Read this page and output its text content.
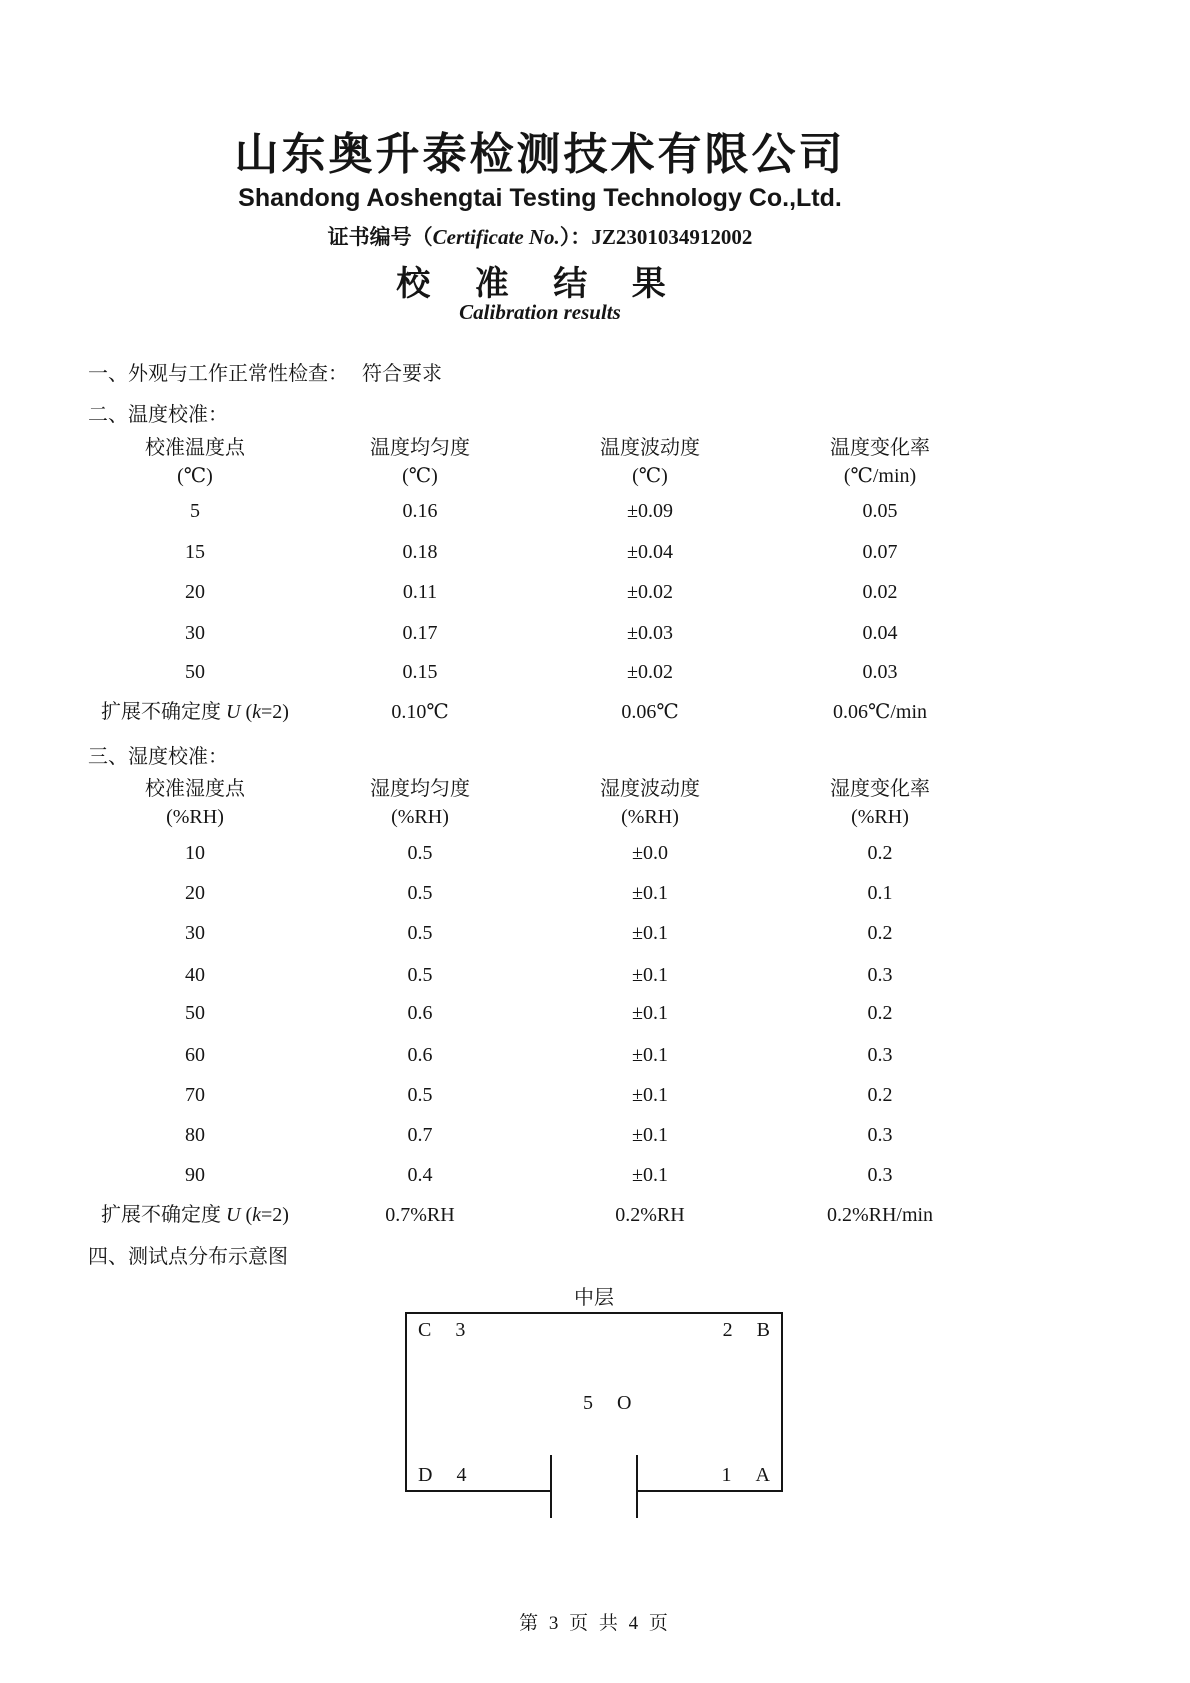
山东奥升泰检测技术有限公司
Shandong Aoshengtai Testing Technology Co.,Ltd.
证书编号（Certificate No.）：JZ2301034912002
校 准 结 果
Calibration results
一、外观与工作正常性检查： 符合要求
二、温度校准：
校准温度点	温度均匀度	温度波动度	温度变化率
(℃)	(℃)	(℃)	(℃/min)
5	0.16	±0.09	0.05
15	0.18	±0.04	0.07
20	0.11	±0.02	0.02
30	0.17	±0.03	0.04
50	0.15	±0.02	0.03
扩展不确定度 U (k=2)	0.10℃	0.06℃	0.06℃/min
三、湿度校准：
校准湿度点	湿度均匀度	湿度波动度	湿度变化率
(%RH)	(%RH)	(%RH)	(%RH)
10	0.5	±0.0	0.2
20	0.5	±0.1	0.1
30	0.5	±0.1	0.2
40	0.5	±0.1	0.3
50	0.6	±0.1	0.2
60	0.6	±0.1	0.3
70	0.5	±0.1	0.2
80	0.7	±0.1	0.3
90	0.4	±0.1	0.3
扩展不确定度 U (k=2)	0.7%RH	0.2%RH	0.2%RH/min
四、测试点分布示意图
中层
C 3	2 B
5 O
D 4	1 A
第 3 页 共 4 页
